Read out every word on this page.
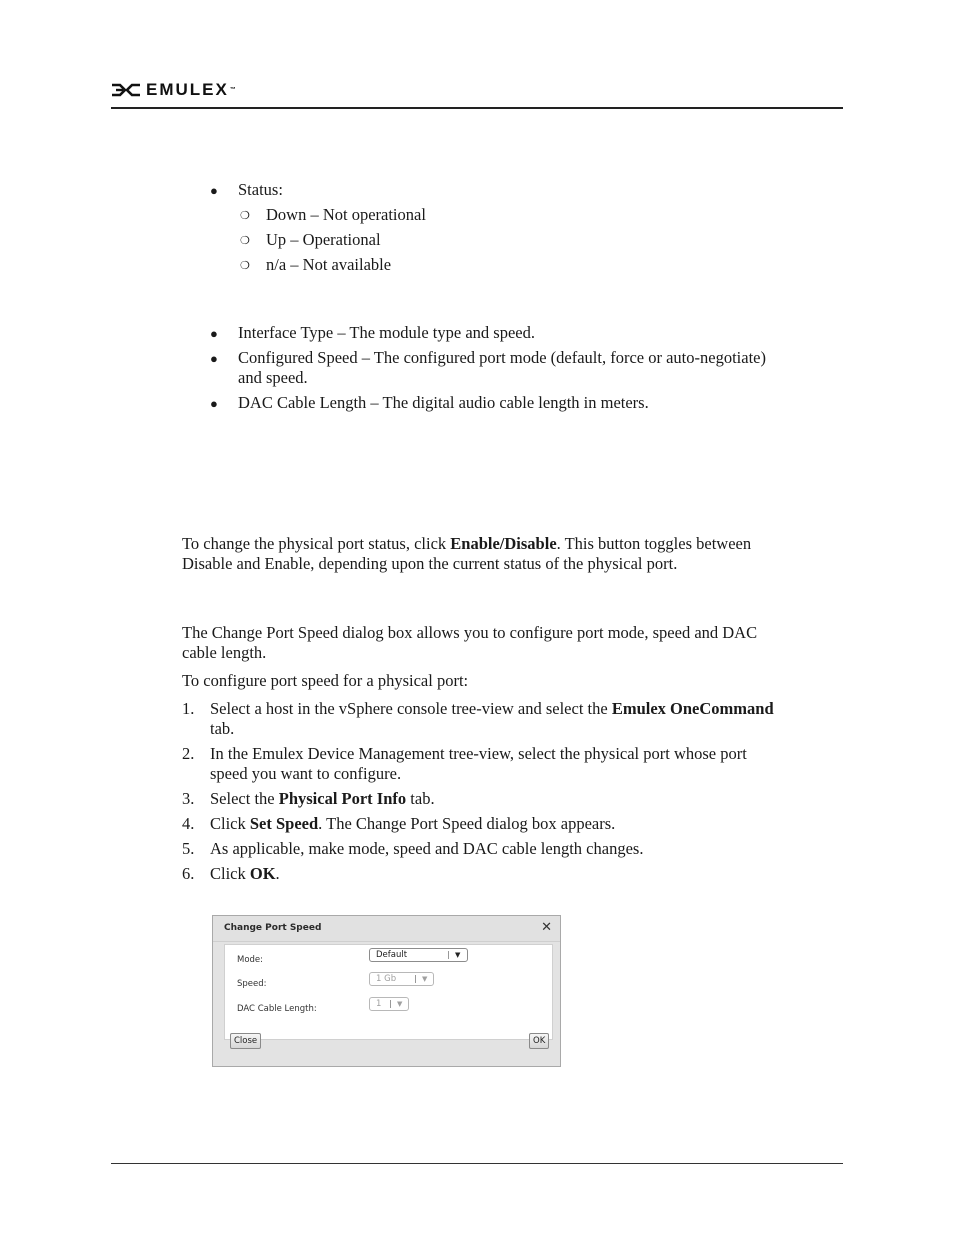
EMULEX™
● Status:
❍ Down – Not operational
❍ Up – Operational
❍ n/a – Not available
● Interface Type – The module type and speed.
● Configured Speed – The configured port mode (default, force or auto-negotiate)
and speed.
● DAC Cable Length – The digital audio cable length in meters.
To change the physical port status, click Enable/Disable. This button toggles between
Disable and Enable, depending upon the current status of the physical port.
The Change Port Speed dialog box allows you to configure port mode, speed and DAC
cable length.
To configure port speed for a physical port:
1. Select a host in the vSphere console tree-view and select the Emulex OneCommand
tab.
2. In the Emulex Device Management tree-view, select the physical port whose port
speed you want to configure.
3. Select the Physical Port Info tab.
4. Click Set Speed. The Change Port Speed dialog box appears.
5. As applicable, make mode, speed and DAC cable length changes.
6. Click OK.
Change Port Speed	✕
Mode:	Default	▼
Speed:	1 Gb	▼
DAC Cable Length:	1 ▼
Close	OK
